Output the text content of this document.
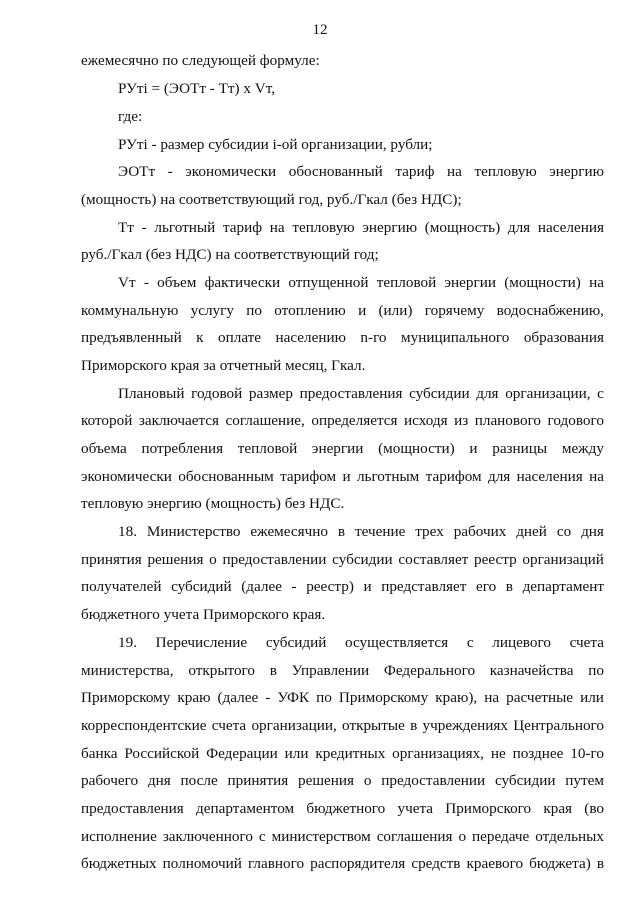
12
ежемесячно по следующей формуле:
РУтi = (ЭОТт - Тт) х Vт,
где:
РУтi - размер субсидии i-ой организации, рубли;
ЭОТт - экономически обоснованный тариф на тепловую энергию
(мощность) на соответствующий год, руб./Гкал (без НДС);
Тт - льготный тариф на тепловую энергию (мощность) для населения
руб./Гкал (без НДС) на соответствующий год;
Vт - объем фактически отпущенной тепловой энергии (мощности) на
коммунальную услугу по отоплению и (или) горячему водоснабжению,
предъявленный к оплате населению n-го муниципального образования
Приморского края за отчетный месяц, Гкал.
Плановый годовой размер предоставления субсидии для организации, с
которой заключается соглашение, определяется исходя из планового годового
объема потребления тепловой энергии (мощности) и разницы между
экономически обоснованным тарифом и льготным тарифом для населения на
тепловую энергию (мощность) без НДС.
18. Министерство ежемесячно в течение трех рабочих дней со дня
принятия решения о предоставлении субсидии составляет реестр организаций
получателей субсидий (далее - реестр) и представляет его в департамент
бюджетного учета Приморского края.
19. Перечисление субсидий осуществляется с лицевого счета
министерства, открытого в Управлении Федерального казначейства по
Приморскому краю (далее - УФК по Приморскому краю), на расчетные или
корреспондентские счета организации, открытые в учреждениях Центрального
банка Российской Федерации или кредитных организациях, не позднее 10-го
рабочего дня после принятия решения о предоставлении субсидии путем
предоставления департаментом бюджетного учета Приморского края (во
исполнение заключенного с министерством соглашения о передаче отдельных
бюджетных полномочий главного распорядителя средств краевого бюджета) в
